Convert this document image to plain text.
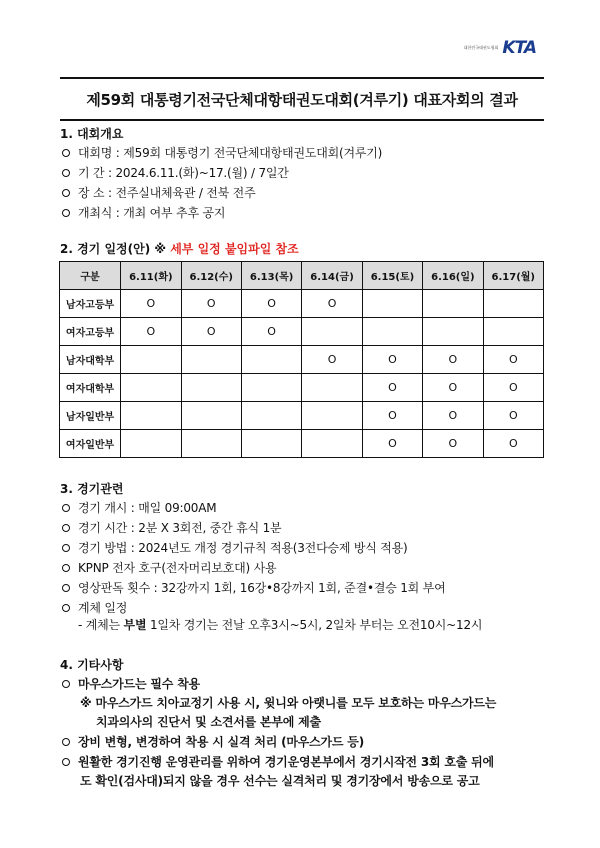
대한민국태권도협회 KTA
제59회 대통령기전국단체대항태권도대회(겨루기) 대표자회의 결과
1. 대회개요
대회명 : 제59회 대통령기 전국단체대항태권도대회(겨루기)
기 간 : 2024.6.11.(화)~17.(월) / 7일간
장 소 : 전주실내체육관 / 전북 전주
개최식 : 개최 여부 추후 공지
2. 경기 일정(안) ※ 세부 일정 붙임파일 참조
구분	6.11(화)	6.12(수)	6.13(목)	6.14(금)	6.15(토)	6.16(일)	6.17(월)
남자고등부	O	O	O	O			
여자고등부	O	O	O				
남자대학부				O	O	O	O
여자대학부					O	O	O
남자일반부					O	O	O
여자일반부					O	O	O
3. 경기관련
경기 개시 : 매일 09:00AM
경기 시간 : 2분 X 3회전, 중간 휴식 1분
경기 방법 : 2024년도 개정 경기규칙 적용(3전다승제 방식 적용)
KPNP 전자 호구(전자머리보호대) 사용
영상판독 횟수 : 32강까지 1회, 16강•8강까지 1회, 준결•결승 1회 부여
계체 일정
- 계체는 부별 1일차 경기는 전날 오후3시~5시, 2일차 부터는 오전10시~12시
4. 기타사항
마우스가드는 필수 착용
※ 마우스가드 치아교정기 사용 시, 윗니와 아랫니를 모두 보호하는 마우스가드는
치과의사의 진단서 및 소견서를 본부에 제출
장비 변형, 변경하여 착용 시 실격 처리 (마우스가드 등)
원활한 경기진행 운영관리를 위하여 경기운영본부에서 경기시작전 3회 호출 뒤에
도 확인(검사대)되지 않을 경우 선수는 실격처리 및 경기장에서 방송으로 공고
